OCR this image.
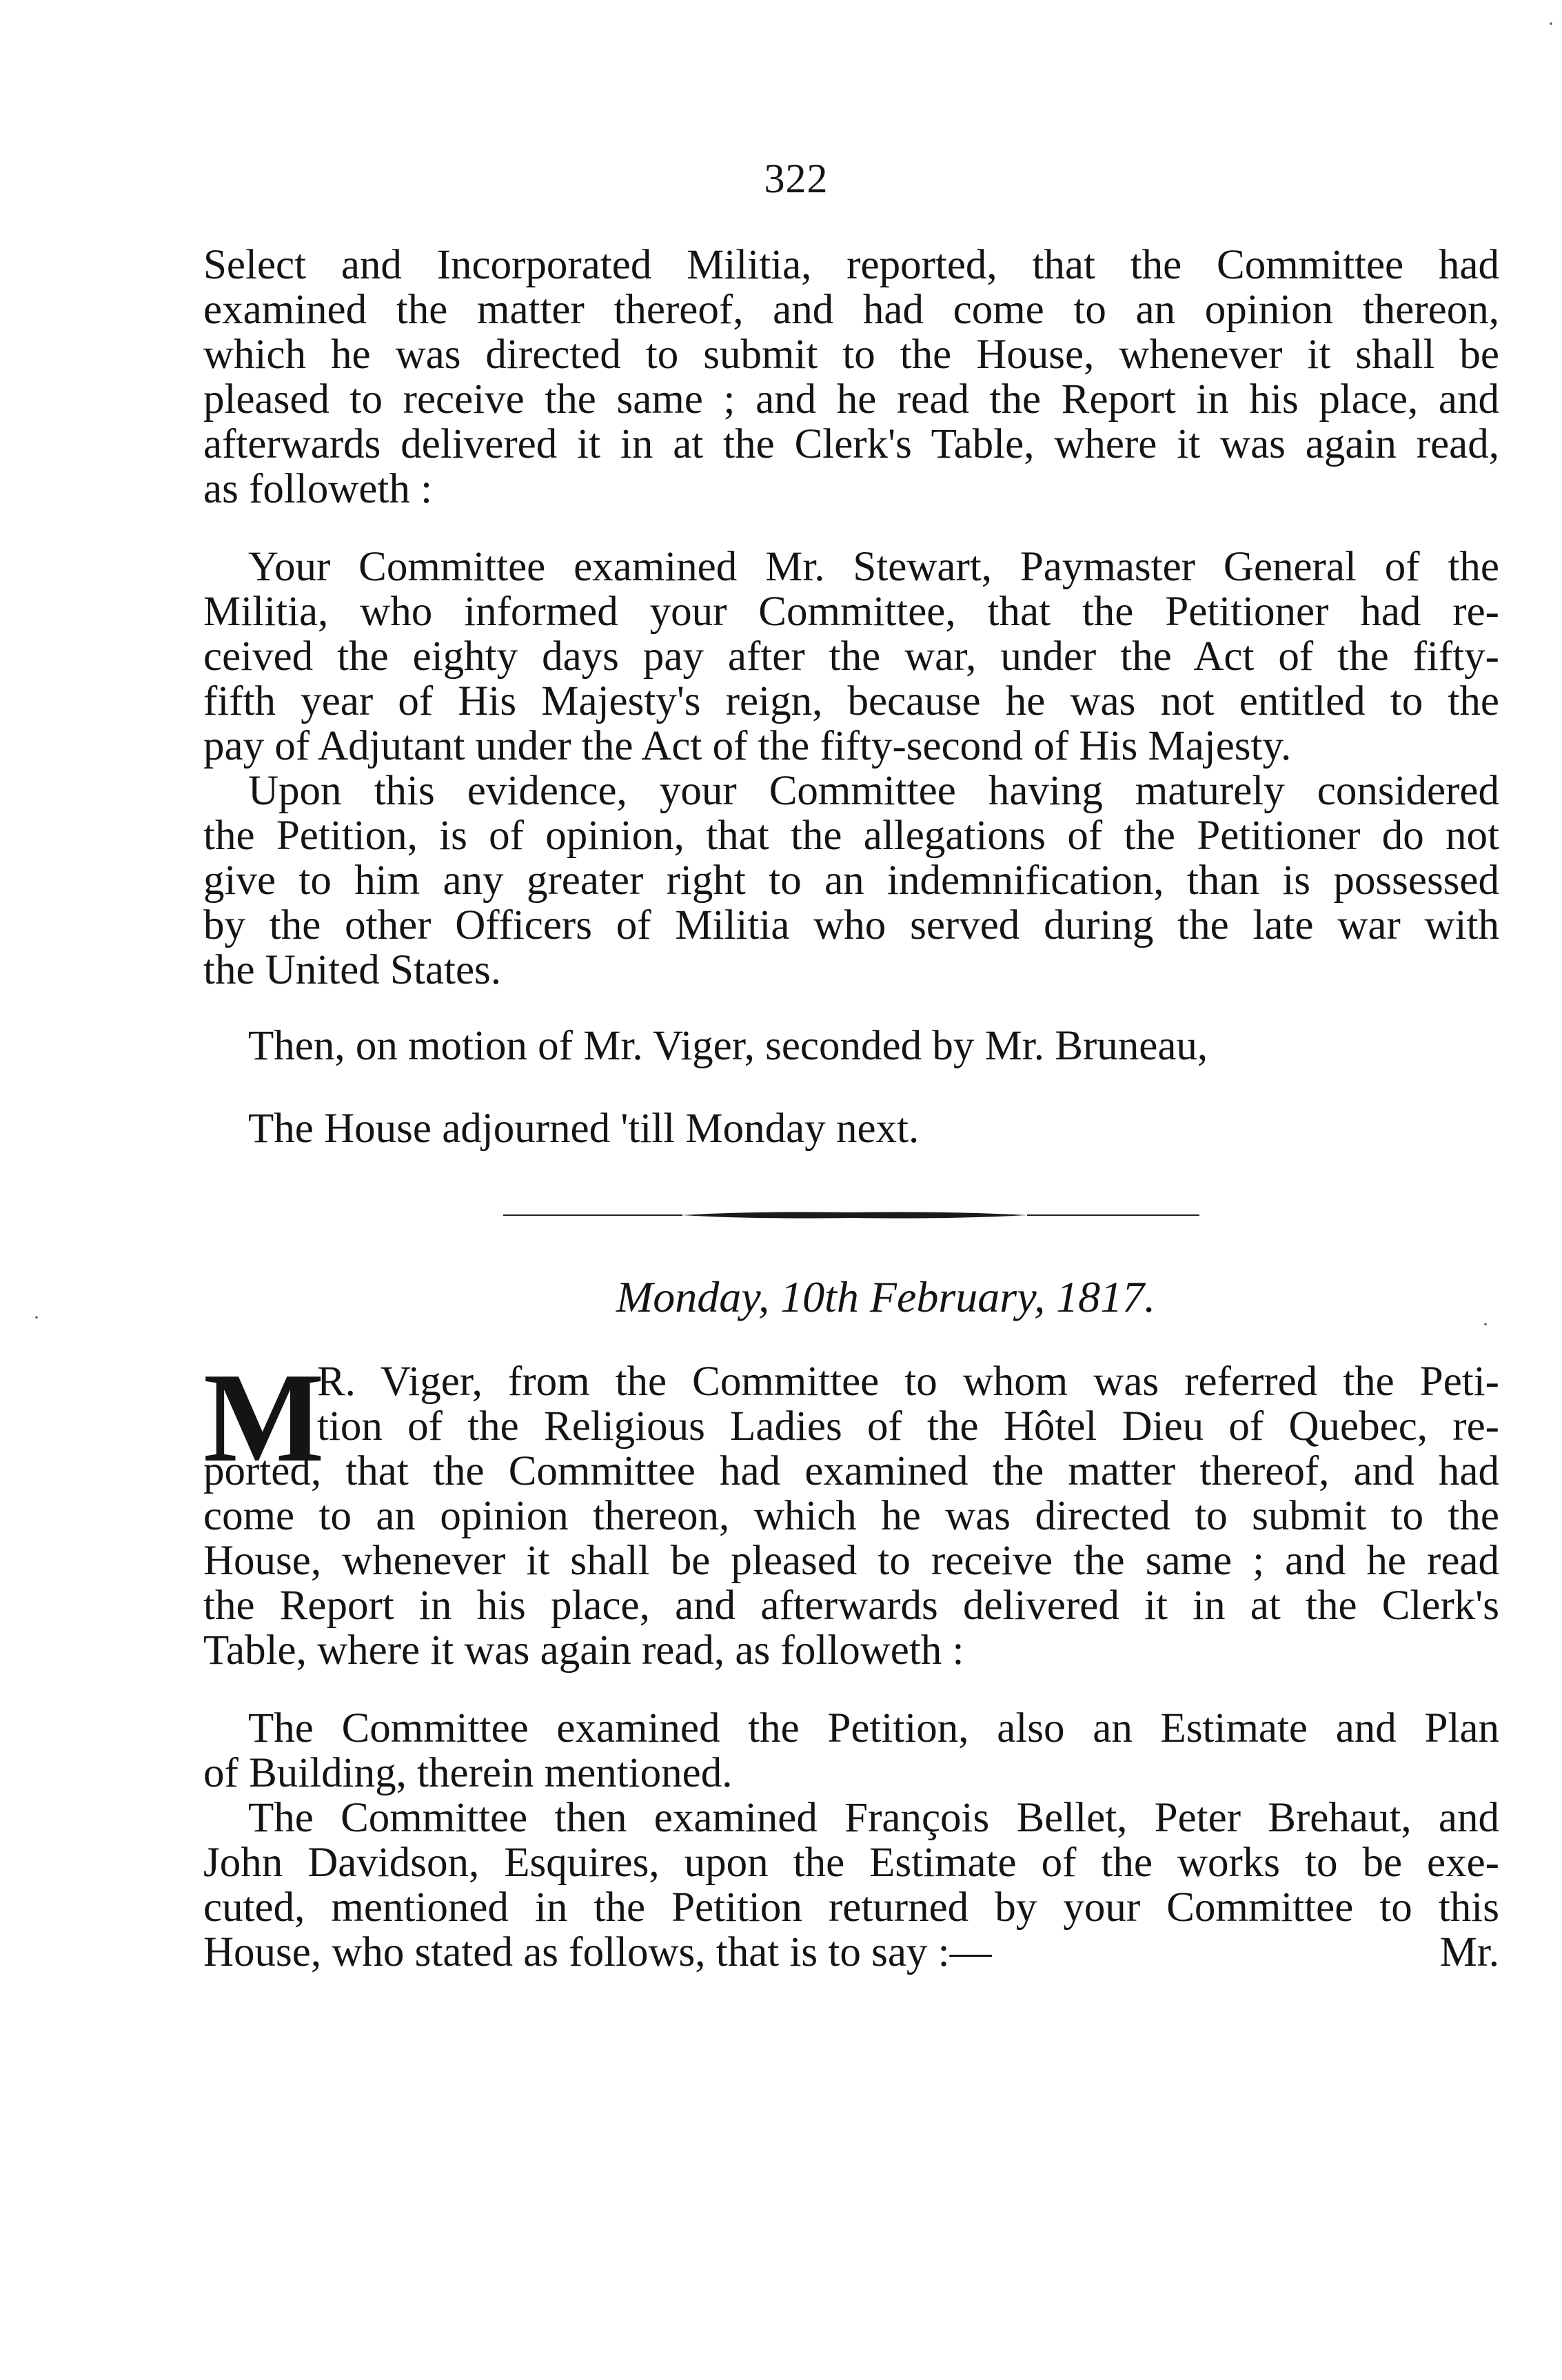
322
Select and Incorporated Militia, reported, that the Committee had
examined the matter thereof, and had come to an opinion thereon,
which he was directed to submit to the House, whenever it shall be
pleased to receive the same ; and he read the Report in his place, and
afterwards delivered it in at the Clerk's Table, where it was again read,
as followeth :
Your Committee examined Mr. Stewart, Paymaster General of the
Militia, who informed your Committee, that the Petitioner had re-
ceived the eighty days pay after the war, under the Act of the fifty-
fifth year of His Majesty's reign, because he was not entitled to the
pay of Adjutant under the Act of the fifty-second of His Majesty.
Upon this evidence, your Committee having maturely considered
the Petition, is of opinion, that the allegations of the Petitioner do not
give to him any greater right to an indemnification, than is possessed
by the other Officers of Militia who served during the late war with
the United States.
Then, on motion of Mr. Viger, seconded by Mr. Bruneau,
The House adjourned 'till Monday next.
Monday, 10th February, 1817.
M
R. Viger, from the Committee to whom was referred the Peti-
tion of the Religious Ladies of the Hôtel Dieu of Quebec, re-
ported, that the Committee had examined the matter thereof, and had
come to an opinion thereon, which he was directed to submit to the
House, whenever it shall be pleased to receive the same ; and he read
the Report in his place, and afterwards delivered it in at the Clerk's
Table, where it was again read, as followeth :
The Committee examined the Petition, also an Estimate and Plan
of Building, therein mentioned.
The Committee then examined François Bellet, Peter Brehaut, and
John Davidson, Esquires, upon the Estimate of the works to be exe-
cuted, mentioned in the Petition returned by your Committee to this
House, who stated as follows, that is to say :—	Mr.
·
·
·
